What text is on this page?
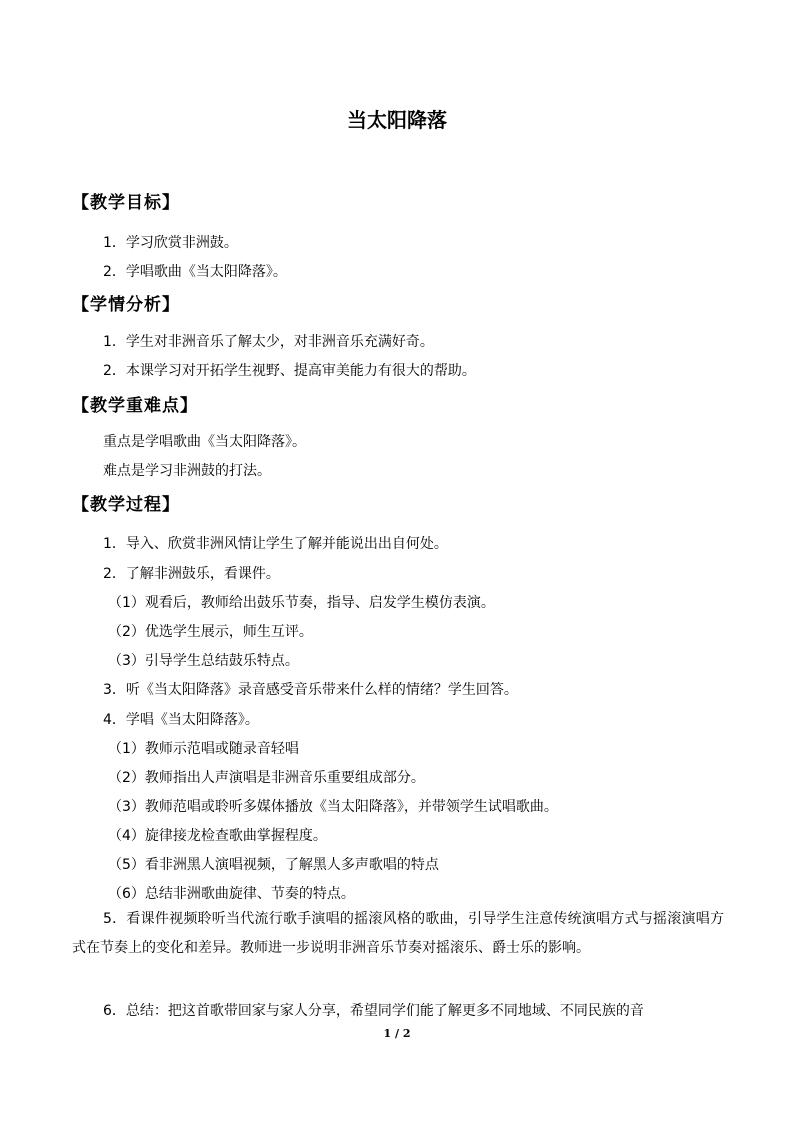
当太阳降落
【教学目标】
1．学习欣赏非洲鼓。
2．学唱歌曲《当太阳降落》。
【学情分析】
1．学生对非洲音乐了解太少，对非洲音乐充满好奇。
2．本课学习对开拓学生视野、提高审美能力有很大的帮助。
【教学重难点】
重点是学唱歌曲《当太阳降落》。
难点是学习非洲鼓的打法。
【教学过程】
1．导入、欣赏非洲风情让学生了解并能说出出自何处。
2．了解非洲鼓乐，看课件。
（1）观看后，教师给出鼓乐节奏，指导、启发学生模仿表演。
（2）优选学生展示，师生互评。
（3）引导学生总结鼓乐特点。
3．听《当太阳降落》录音感受音乐带来什么样的情绪？学生回答。
4．学唱《当太阳降落》。
（1）教师示范唱或随录音轻唱
（2）教师指出人声演唱是非洲音乐重要组成部分。
（3）教师范唱或聆听多媒体播放《当太阳降落》，并带领学生试唱歌曲。
（4）旋律接龙检查歌曲掌握程度。
（5）看非洲黑人演唱视频，了解黑人多声歌唱的特点
（6）总结非洲歌曲旋律、节奏的特点。
5．看课件视频聆听当代流行歌手演唱的摇滚风格的歌曲，引导学生注意传统演唱方式与摇滚演唱方式在节奏上的变化和差异。教师进一步说明非洲音乐节奏对摇滚乐、爵士乐的影响。
6．总结：把这首歌带回家与家人分享，希望同学们能了解更多不同地域、不同民族的音
1 / 2
